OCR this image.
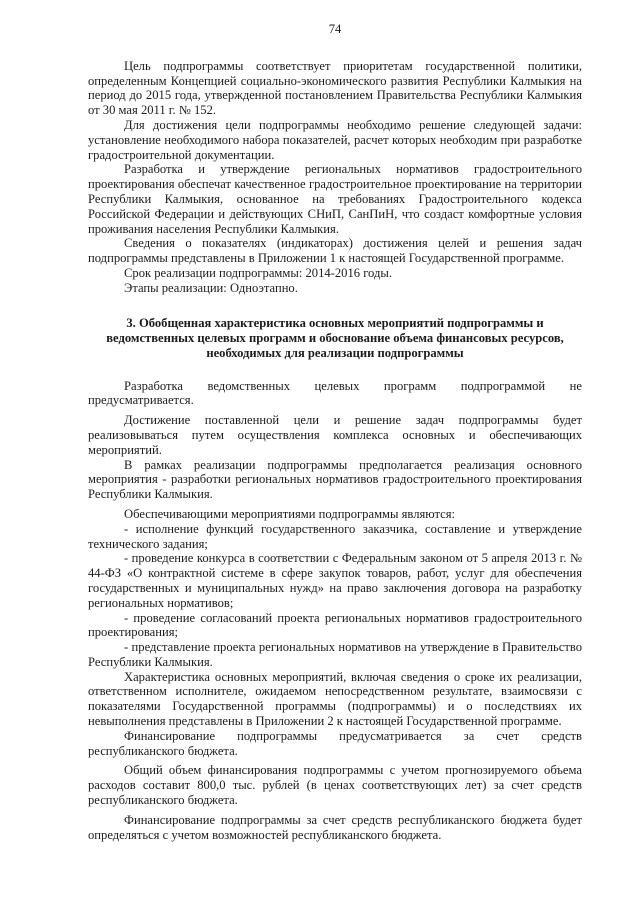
74

Цель подпрограммы соответствует приоритетам государственной политики, определенным Концепцией социально-экономического развития Республики Калмыкия на период до 2015 года, утвержденной постановлением Правительства Республики Калмыкия от 30 мая 2011 г. № 152.

Для достижения цели подпрограммы необходимо решение следующей задачи: установление необходимого набора показателей, расчет которых необходим при разработке градостроительной документации.

Разработка и утверждение региональных нормативов градостроительного проектирования обеспечат качественное градостроительное проектирование на территории Республики Калмыкия, основанное на требованиях Градостроительного кодекса Российской Федерации и действующих СНиП, СанПиН, что создаст комфортные условия проживания населения Республики Калмыкия.

Сведения о показателях (индикаторах) достижения целей и решения задач подпрограммы представлены в Приложении 1 к настоящей Государственной программе.

Срок реализации подпрограммы: 2014-2016 годы.

Этапы реализации: Одноэтапно.

3. Обобщенная характеристика основных мероприятий подпрограммы и ведомственных целевых программ и обоснование объема финансовых ресурсов, необходимых для реализации подпрограммы

Разработка ведомственных целевых программ подпрограммой не предусматривается.

Достижение поставленной цели и решение задач подпрограммы будет реализовываться путем осуществления комплекса основных и обеспечивающих мероприятий.

В рамках реализации подпрограммы предполагается реализация основного мероприятия - разработки региональных нормативов градостроительного проектирования Республики Калмыкия.

Обеспечивающими мероприятиями подпрограммы являются:

- исполнение функций государственного заказчика, составление и утверждение технического задания;
- проведение конкурса в соответствии с Федеральным законом от 5 апреля 2013 г. № 44-ФЗ «О контрактной системе в сфере закупок товаров, работ, услуг для обеспечения государственных и муниципальных нужд» на право заключения договора на разработку региональных нормативов;
- проведение согласований проекта региональных нормативов градостроительного проектирования;
- представление проекта региональных нормативов на утверждение в Правительство Республики Калмыкия.

Характеристика основных мероприятий, включая сведения о сроке их реализации, ответственном исполнителе, ожидаемом непосредственном результате, взаимосвязи с показателями Государственной программы (подпрограммы) и о последствиях их невыполнения представлены в Приложении 2 к настоящей Государственной программе.

Финансирование подпрограммы предусматривается за счет средств республиканского бюджета.

Общий объем финансирования подпрограммы с учетом прогнозируемого объема расходов составит 800,0 тыс. рублей (в ценах соответствующих лет) за счет средств республиканского бюджета.

Финансирование подпрограммы за счет средств республиканского бюджета будет определяться с учетом возможностей республиканского бюджета.
